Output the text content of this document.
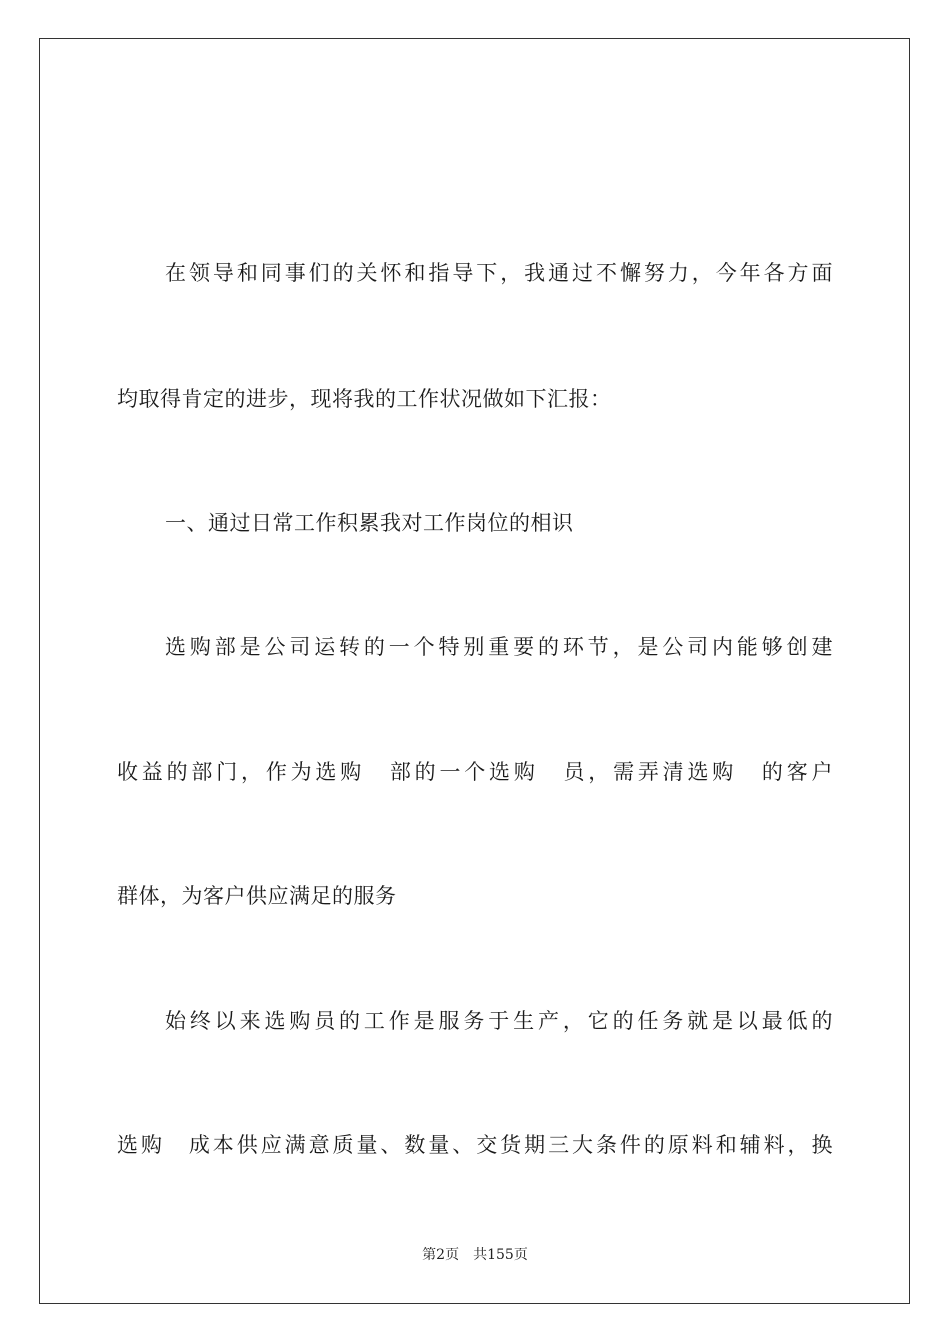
在领导和同事们的关怀和指导下，我通过不懈努力，今年各方面
均取得肯定的进步，现将我的工作状况做如下汇报：
一、通过日常工作积累我对工作岗位的相识
选购部是公司运转的一个特别重要的环节，是公司内能够创建
收益的部门，作为选购　部的一个选购　员，需弄清选购　的客户
群体，为客户供应满足的服务
始终以来选购员的工作是服务于生产，它的任务就是以最低的
选购　成本供应满意质量、数量、交货期三大条件的原料和辅料，换
第2页 共155页
